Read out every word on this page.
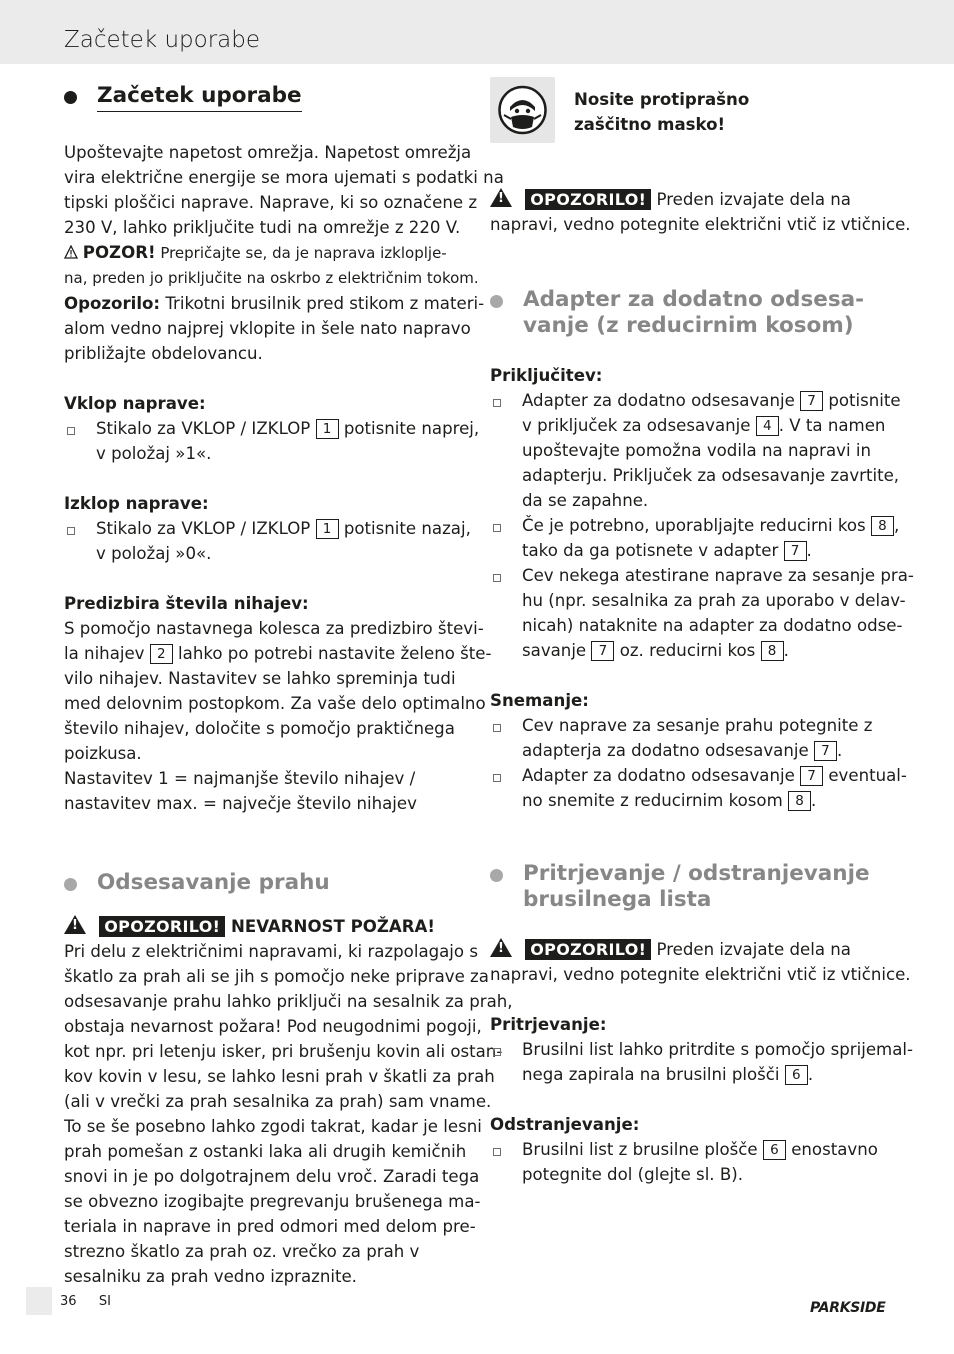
Začetek uporabe
Začetek uporabe
Upoštevajte napetost omrežja. Napetost omrežja
vira električne energije se mora ujemati s podatki na
tipski ploščici naprave. Naprave, ki so označene z
230 V, lahko priključite tudi na omrežje z 220 V.
POZOR! Prepričajte se, da je naprava izklopljе-
na, preden jo priključite na oskrbo z električnim tokom.
Opozorilo: Trikotni brusilnik pred stikom z materi-
alom vedno najprej vklopite in šele nato napravo
približajte obdelovancu.
Vklop naprave:
Stikalo za VKLOP / IZKLOP 1 potisnite naprej,
v položaj »1«.
Izklop naprave:
Stikalo za VKLOP / IZKLOP 1 potisnite nazaj,
v položaj »0«.
Predizbira števila nihajev:
S pomočjo nastavnega kolesca za predizbiro števi-
la nihajev 2 lahko po potrebi nastavite želeno šte-
vilo nihajev. Nastavitev se lahko spreminja tudi
med delovnim postopkom. Za vaše delo optimalno
število nihajev, določite s pomočjo praktičnega
poizkusa.
Nastavitev 1 = najmanjše število nihajev /
nastavitev max. = največje število nihajev
Odsesavanje prahu
! OPOZORILO! NEVARNOST POŽARA!
Pri delu z električnimi napravami, ki razpolagajo s
škatlo za prah ali se jih s pomočjo neke priprave za
odsesavanje prahu lahko priključi na sesalnik za prah,
obstaja nevarnost požara! Pod neugodnimi pogoji,
kot npr. pri letenju isker, pri brušenju kovin ali ostan-
kov kovin v lesu, se lahko lesni prah v škatli za prah
(ali v vrečki za prah sesalnika za prah) sam vname.
To se še posebno lahko zgodi takrat, kadar je lesni
prah pomešan z ostanki laka ali drugih kemičnih
snovi in je po dolgotrajnem delu vroč. Zaradi tega
se obvezno izogibajte pregrevanju brušenega ma-
teriala in naprave in pred odmori med delom pre-
strezno škatlo za prah oz. vrečko za prah v
sesalniku za prah vedno izpraznite.
Nosite protiprašno
zaščitno masko!
! OPOZORILO! Preden izvajate dela na
napravi, vedno potegnite električni vtič iz vtičnice.
Adapter za dodatno odsesa-
vanje (z reducirnim kosom)
Priključitev:
Adapter za dodatno odsesavanje 7 potisnite
v priključek za odsesavanje 4 . V ta namen
upoštevajte pomožna vodila na napravi in
adapterju. Priključek za odsesavanje zavrtite,
da se zapahne.
Če je potrebno, uporabljajte reducirni kos 8 ,
tako da ga potisnete v adapter 7 .
Cev nekega atestirane naprave za sesanje pra-
hu (npr. sesalnika za prah za uporabo v delav-
nicah) nataknite na adapter za dodatno odse-
savanje 7 oz. reducirni kos 8 .
Snemanje:
Cev naprave za sesanje prahu potegnite z
adapterja za dodatno odsesavanje 7 .
Adapter za dodatno odsesavanje 7 eventual-
no snemite z reducirnim kosom 8 .
Pritrjevanje / odstranjevanje
brusilnega lista
! OPOZORILO! Preden izvajate dela na
napravi, vedno potegnite električni vtič iz vtičnice.
Pritrjevanje:
Brusilni list lahko pritrdite s pomočjo sprijemal-
nega zapirala na brusilni plošči 6 .
Odstranjevanje:
Brusilni list z brusilne plošče 6 enostavno
potegnite dol (glejte sl. B).
36 SI	PARKSIDE
